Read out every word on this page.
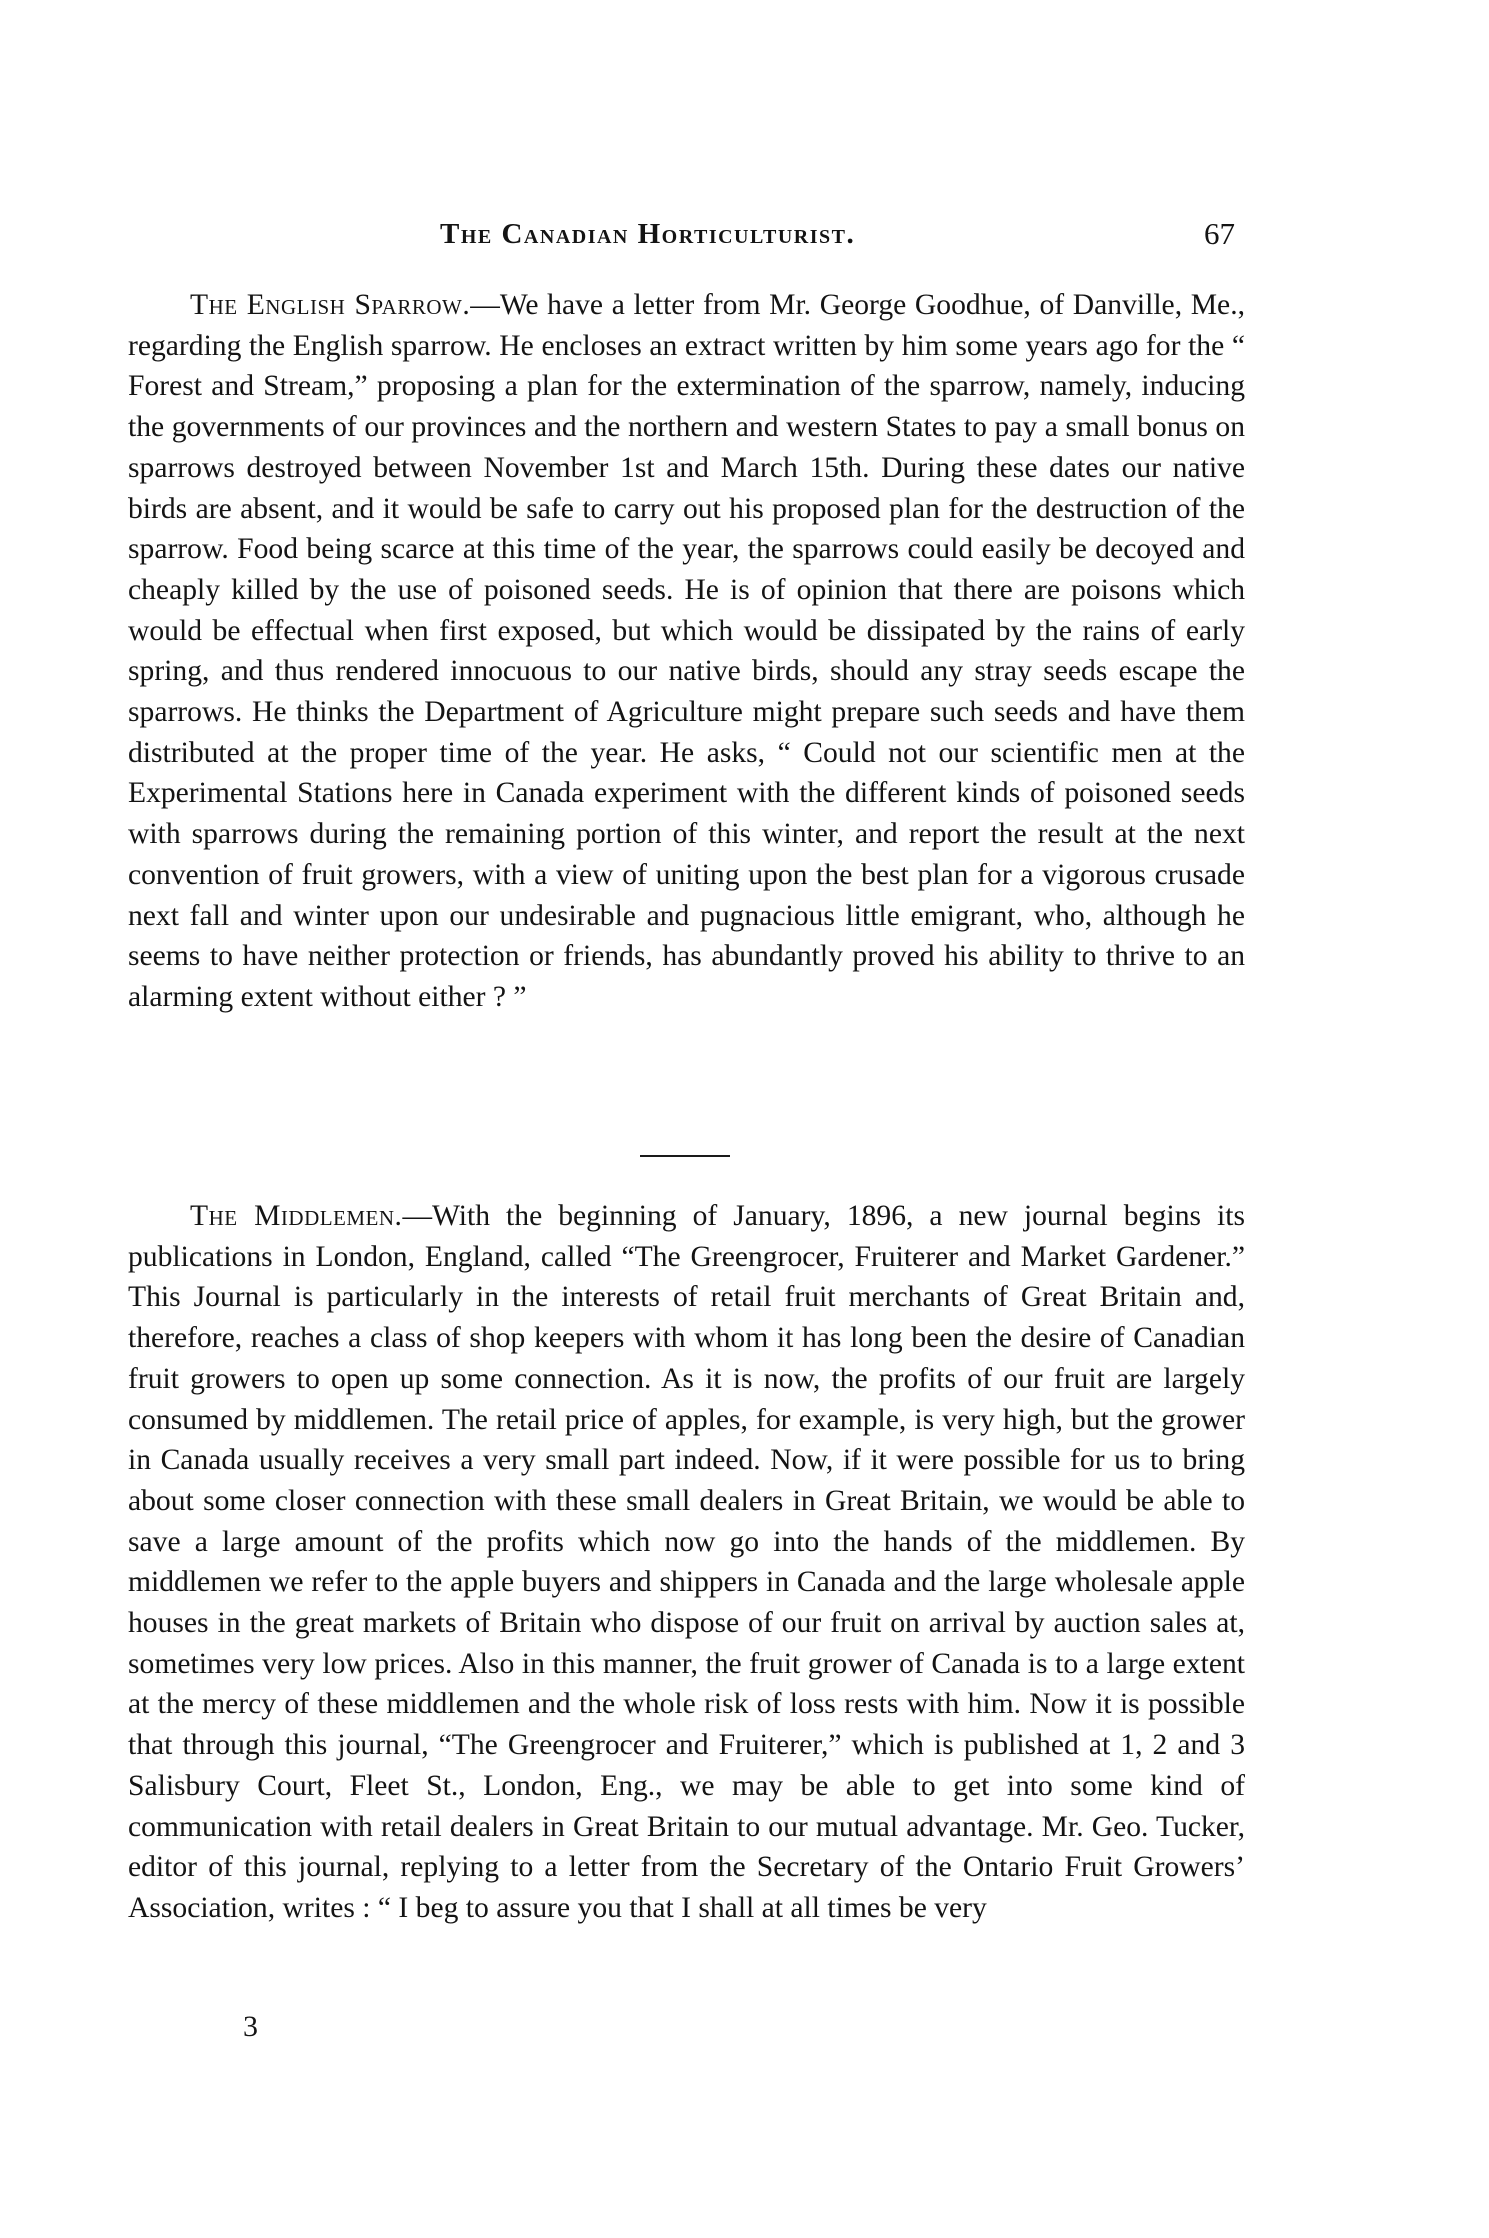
The Canadian Horticulturist.	67

The English Sparrow.—We have a letter from Mr. George Goodhue, of Danville, Me., regarding the English sparrow. He encloses an extract written by him some years ago for the “ Forest and Stream,” proposing a plan for the extermination of the sparrow, namely, inducing the governments of our provinces and the northern and western States to pay a small bonus on sparrows destroyed between November 1st and March 15th. During these dates our native birds are absent, and it would be safe to carry out his proposed plan for the destruction of the sparrow. Food being scarce at this time of the year, the sparrows could easily be decoyed and cheaply killed by the use of poisoned seeds. He is of opinion that there are poisons which would be effectual when first exposed, but which would be dissipated by the rains of early spring, and thus rendered innocuous to our native birds, should any stray seeds escape the sparrows. He thinks the Department of Agriculture might prepare such seeds and have them distributed at the proper time of the year. He asks, “ Could not our scientific men at the Experimental Stations here in Canada experiment with the different kinds of poisoned seeds with sparrows during the remaining portion of this winter, and report the result at the next convention of fruit growers, with a view of uniting upon the best plan for a vigorous crusade next fall and winter upon our undesirable and pugnacious little emigrant, who, although he seems to have neither protection or friends, has abundantly proved his ability to thrive to an alarming extent without either ? ”

The Middlemen.—With the beginning of January, 1896, a new journal begins its publications in London, England, called “The Greengrocer, Fruiterer and Market Gardener.” This Journal is particularly in the interests of retail fruit merchants of Great Britain and, therefore, reaches a class of shop keepers with whom it has long been the desire of Canadian fruit growers to open up some connection. As it is now, the profits of our fruit are largely consumed by middlemen. The retail price of apples, for example, is very high, but the grower in Canada usually receives a very small part indeed. Now, if it were possible for us to bring about some closer connection with these small dealers in Great Britain, we would be able to save a large amount of the profits which now go into the hands of the middlemen. By middlemen we refer to the apple buyers and shippers in Canada and the large wholesale apple houses in the great markets of Britain who dispose of our fruit on arrival by auction sales at, sometimes very low prices. Also in this manner, the fruit grower of Canada is to a large extent at the mercy of these middlemen and the whole risk of loss rests with him. Now it is possible that through this journal, “The Greengrocer and Fruiterer,” which is published at 1, 2 and 3 Salisbury Court, Fleet St., London, Eng., we may be able to get into some kind of communication with retail dealers in Great Britain to our mutual advantage. Mr. Geo. Tucker, editor of this journal, replying to a letter from the Secretary of the Ontario Fruit Growers’ Association, writes : “ I beg to assure you that I shall at all times be very

3
